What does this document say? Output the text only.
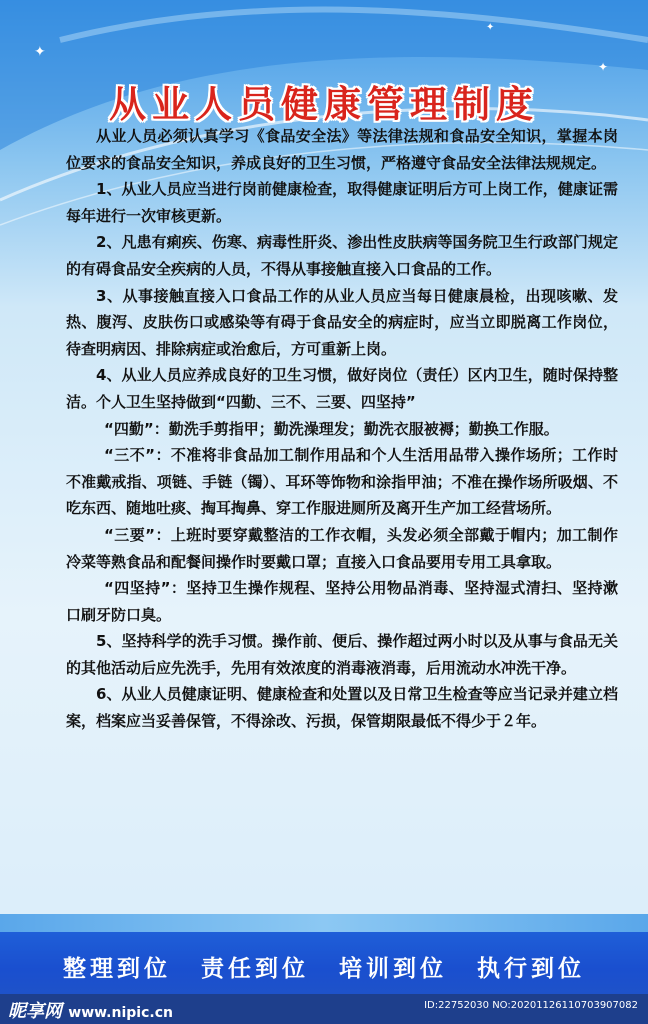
✦
✦
✦
从业人员健康管理制度

从业人员必须认真学习《食品安全法》等法律法规和食品安全知识，掌握本岗位要求的食品安全知识，养成良好的卫生习惯，严格遵守食品安全法律法规规定。

1、从业人员应当进行岗前健康检查，取得健康证明后方可上岗工作，健康证需每年进行一次审核更新。

2、凡患有痢疾、伤寒、病毒性肝炎、渗出性皮肤病等国务院卫生行政部门规定的有碍食品安全疾病的人员，不得从事接触直接入口食品的工作。

3、从事接触直接入口食品工作的从业人员应当每日健康晨检，出现咳嗽、发热、腹泻、皮肤伤口或感染等有碍于食品安全的病症时，应当立即脱离工作岗位，待查明病因、排除病症或治愈后，方可重新上岗。

4、从业人员应养成良好的卫生习惯，做好岗位（责任）区内卫生，随时保持整洁。个人卫生坚持做到“四勤、三不、三要、四坚持”

“四勤”：勤洗手剪指甲；勤洗澡理发；勤洗衣服被褥；勤换工作服。

“三不”：不准将非食品加工制作用品和个人生活用品带入操作场所；工作时不准戴戒指、项链、手链（镯）、耳环等饰物和涂指甲油；不准在操作场所吸烟、不吃东西、随地吐痰、掏耳掏鼻、穿工作服进厕所及离开生产加工经营场所。

“三要”：上班时要穿戴整洁的工作衣帽，头发必须全部戴于帽内；加工制作冷菜等熟食品和配餐间操作时要戴口罩；直接入口食品要用专用工具拿取。

“四坚持”：坚持卫生操作规程、坚持公用物品消毒、坚持湿式清扫、坚持漱口刷牙防口臭。

5、坚持科学的洗手习惯。操作前、便后、操作超过两小时以及从事与食品无关的其他活动后应先洗手，先用有效浓度的消毒液消毒，后用流动水冲洗干净。

6、从业人员健康证明、健康检查和处置以及日常卫生检查等应当记录并建立档案，档案应当妥善保管，不得涂改、污损，保管期限最低不得少于２年。

整理到位 责任到位 培训到位 执行到位
昵享网 www.nipic.cn	ID:22752030 NO:20201126110703907082
